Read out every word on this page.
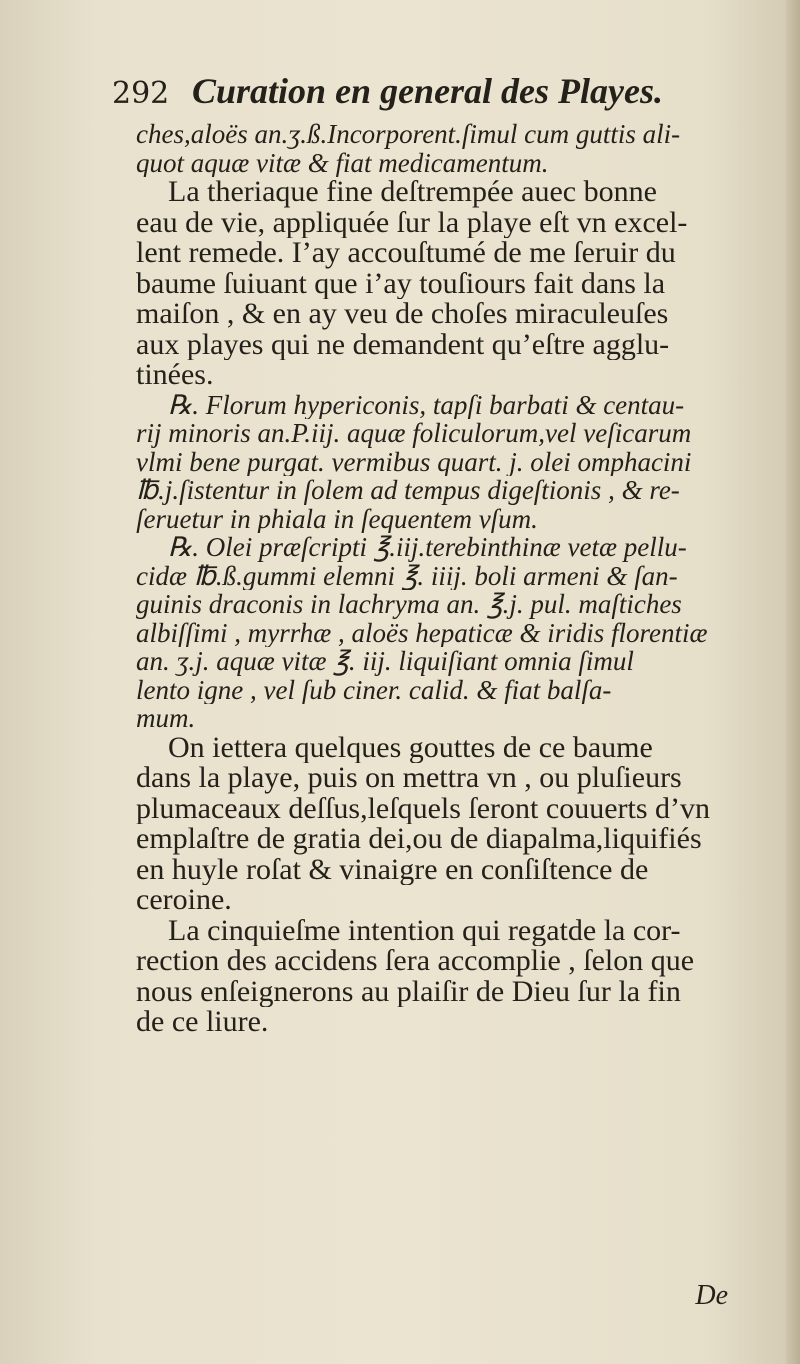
292 Curation en general des Playes.
ches,aloës an.ʒ.ß.Incorporent.ſimul cum guttis ali-
quot aquæ vitæ & fiat medicamentum.
La theriaque fine deſtrempée auec bonne
eau de vie, appliquée ſur la playe eſt vn excel-
lent remede. I’ay accouſtumé de me ſeruir du
baume ſuiuant que i’ay touſiours fait dans la
maiſon , & en ay veu de choſes miraculeuſes
aux playes qui ne demandent qu’eſtre agglu-
tinées.
℞. Florum hypericonis, tapſi barbati & centau-
rij minoris an.P.iij. aquæ foliculorum,vel veſicarum
vlmi bene purgat. vermibus quart. j. olei omphacini
℔.j.ſistentur in ſolem ad tempus digeſtionis , & re-
ſeruetur in phiala in ſequentem vſum.
℞. Olei præſcripti ℥.iij.terebinthinæ vetæ pellu-
cidæ ℔.ß.gummi elemni ℥. iiij. boli armeni & ſan-
guinis draconis in lachryma an. ℥.j. pul. maſtiches
albiſſimi , myrrhæ , aloës hepaticæ & iridis florentiæ
an. ʒ.j. aquæ vitæ ℥. iij. liquiſiant omnia ſimul
lento igne , vel ſub ciner. calid. & fiat balſa-
mum.
On iettera quelques gouttes de ce baume
dans la playe, puis on mettra vn , ou pluſieurs
plumaceaux deſſus,leſquels ſeront couuerts d’vn
emplaſtre de gratia dei,ou de diapalma,liquifiés
en huyle roſat & vinaigre en conſiſtence de
ceroine.
La cinquieſme intention qui regatde la cor-
rection des accidens ſera accomplie , ſelon que
nous enſeignerons au plaiſir de Dieu ſur la fin
de ce liure.
De
